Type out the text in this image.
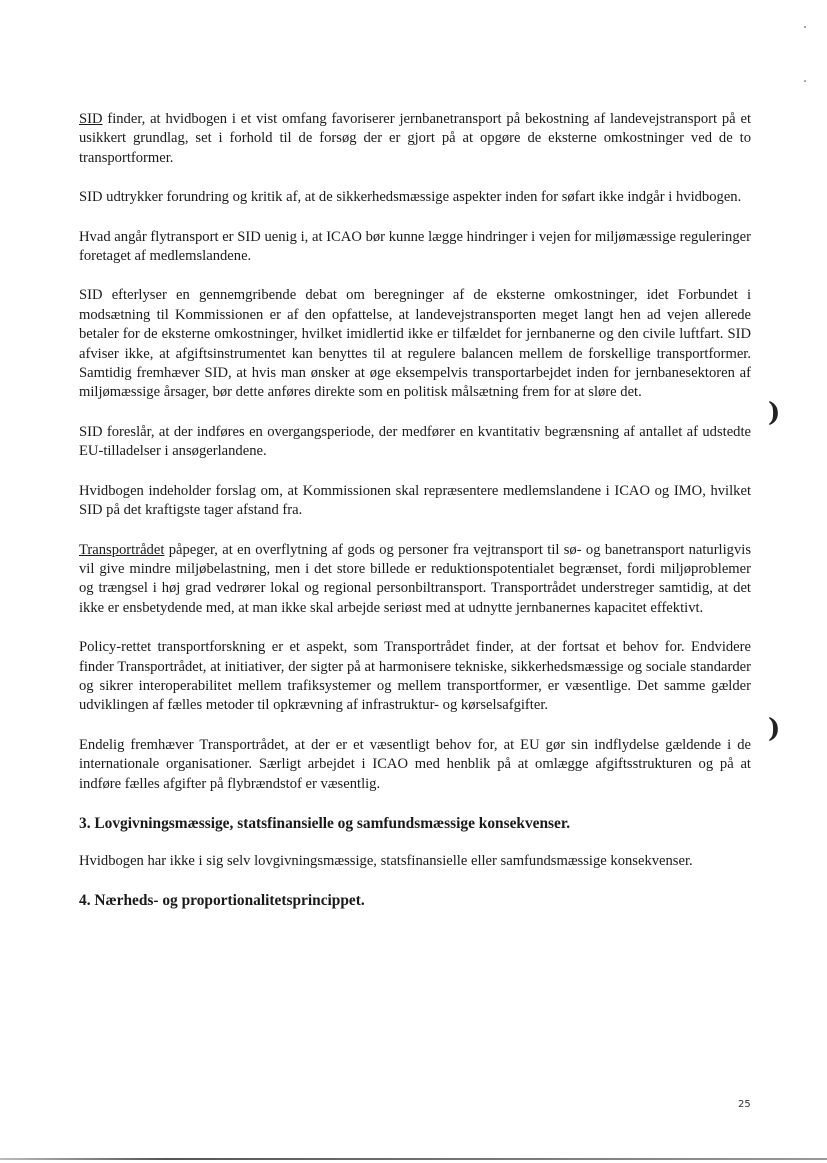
SID finder, at hvidbogen i et vist omfang favoriserer jernbanetransport på bekostning af landevejstransport på et usikkert grundlag, set i forhold til de forsøg der er gjort på at opgøre de eksterne omkostninger ved de to transportformer.

SID udtrykker forundring og kritik af, at de sikkerhedsmæssige aspekter inden for søfart ikke indgår i hvidbogen.

Hvad angår flytransport er SID uenig i, at ICAO bør kunne lægge hindringer i vejen for miljømæssige reguleringer foretaget af medlemslandene.

SID efterlyser en gennemgribende debat om beregninger af de eksterne omkostninger, idet Forbundet i modsætning til Kommissionen er af den opfattelse, at landevejstransporten meget langt hen ad vejen allerede betaler for de eksterne omkostninger, hvilket imidlertid ikke er tilfældet for jernbanerne og den civile luftfart. SID afviser ikke, at afgiftsinstrumentet kan benyttes til at regulere balancen mellem de forskellige transportformer. Samtidig fremhæver SID, at hvis man ønsker at øge eksempelvis transportarbejdet inden for jernbanesektoren af miljømæssige årsager, bør dette anføres direkte som en politisk målsætning frem for at sløre det.

SID foreslår, at der indføres en overgangsperiode, der medfører en kvantitativ begrænsning af antallet af udstedte EU-tilladelser i ansøgerlandene.

Hvidbogen indeholder forslag om, at Kommissionen skal repræsentere medlemslandene i ICAO og IMO, hvilket SID på det kraftigste tager afstand fra.

Transportrådet påpeger, at en overflytning af gods og personer fra vejtransport til sø- og banetransport naturligvis vil give mindre miljøbelastning, men i det store billede er reduktionspotentialet begrænset, fordi miljøproblemer og trængsel i høj grad vedrører lokal og regional personbiltransport. Transportrådet understreger samtidig, at det ikke er ensbetydende med, at man ikke skal arbejde seriøst med at udnytte jernbanernes kapacitet effektivt.

Policy-rettet transportforskning er et aspekt, som Transportrådet finder, at der fortsat et behov for. Endvidere finder Transportrådet, at initiativer, der sigter på at harmonisere tekniske, sikkerhedsmæssige og sociale standarder og sikrer interoperabilitet mellem trafiksystemer og mellem transportformer, er væsentlige. Det samme gælder udviklingen af fælles metoder til opkrævning af infrastruktur- og kørselsafgifter.

Endelig fremhæver Transportrådet, at der er et væsentligt behov for, at EU gør sin indflydelse gældende i de internationale organisationer. Særligt arbejdet i ICAO med henblik på at omlægge afgiftsstrukturen og på at indføre fælles afgifter på flybrændstof er væsentlig.

3. Lovgivningsmæssige, statsfinansielle og samfundsmæssige konsekvenser.

Hvidbogen har ikke i sig selv lovgivningsmæssige, statsfinansielle eller samfundsmæssige konsekvenser.

4. Nærheds- og proportionalitetsprincippet.
)
)
25
